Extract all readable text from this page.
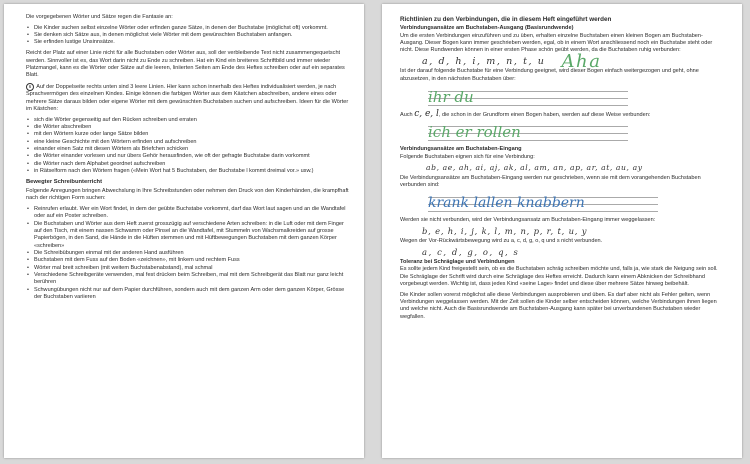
Die vorgegebenen Wörter und Sätze regen die Fantasie an:

• Die Kinder suchen selbst einzelne Wörter oder erfinden ganze Sätze, in denen der Buchstabe (möglichst oft) vorkommt.
• Sie denken sich Sätze aus, in denen möglichst viele Wörter mit dem gewünschten Buchstaben anfangen.
• Sie erfinden lustige Unsinnsätze.

Reicht der Platz auf einer Linie nicht für alle Buchstaben oder Wörter aus, soll der verbleibende Text nicht zusammengequetscht werden. Sinnvoller ist es, das Wort darin nicht zu Ende zu schreiben. Hat ein Kind ein breiteres Schriftbild und immer wieder Platzmangel, kann es die Wörter oder Sätze auf die leeren, liniierten Seiten am Ende des Heftes schreiben oder auf ein separates Blatt.

6 Auf der Doppelseite rechts unten sind 3 leere Linien. Hier kann schon innerhalb des Heftes individualisiert werden, je nach Sprachvermögen des einzelnen Kindes. Einige können die farbigen Wörter aus dem Kästchen abschreiben, andere eines oder mehrere Sätze daraus bilden oder eigene Wörter mit dem gewünschten Buchstaben suchen und aufschreiben. Ideen für die Wörter im Kästchen:

• sich die Wörter gegenseitig auf den Rücken schreiben und erraten
• die Wörter abschreiben
• mit den Wörtern kurze oder lange Sätze bilden
• eine kleine Geschichte mit den Wörtern erfinden und aufschreiben
• einander einen Satz mit diesen Wörtern als Briefchen schicken
• die Wörter einander vorlesen und nur übers Gehör herausfinden, wie oft der gefragte Buchstabe darin vorkommt
• die Wörter nach dem Alphabet geordnet aufschreiben
• in Rätselform nach den Wörtern fragen («Mein Wort hat 5 Buchstaben, der Buchstabe l kommt dreimal vor.» usw.)
Bewegter Schreibunterricht

Folgende Anregungen bringen Abwechslung in Ihre Schreibstunden oder nehmen den Druck von den Kinderhänden, die krampfhaft nach der richtigen Form suchen:

• Reinrufen erlaubt. Wer ein Wort findet, in dem der geübte Buchstabe vorkommt, darf das Wort laut sagen und an die Wandtafel oder auf ein Poster schreiben.
• Die Buchstaben und Wörter aus dem Heft zuerst grosszügig auf verschiedene Arten schreiben: in die Luft oder mit dem Finger auf den Tisch, mit einem nassen Schwamm oder Pinsel an die Wandtafel, mit Stummeln von Wachsmalkreiden auf grosse Papierbögen, in den Sand, die Hände in die Hüften stemmen und mit Hüftbewegungen Buchstaben mit dem ganzen Körper «schreiben»
• Die Schreibübungen einmal mit der anderen Hand ausführen
• Buchstaben mit dem Fuss auf den Boden «zeichnen», mit linkem und rechtem Fuss
• Wörter mal breit schreiben (mit weitem Buchstabenabstand), mal schmal
• Verschiedene Schreibgeräte verwenden, mal fest drücken beim Schreiben, mal mit dem Schreibgerät das Blatt nur ganz leicht berühren
• Schwungübungen nicht nur auf dem Papier durchführen, sondern auch mit dem ganzen Arm oder dem ganzen Körper, Grösse der Buchstaben variieren
Richtlinien zu den Verbindungen, die in diesem Heft eingeführt werden
Verbindungsansätze am Buchstaben-Ausgang (Basisrundwende)

Um die ersten Verbindungen einzuführen und zu üben, erhalten einzelne Buchstaben einen kleinen Bogen am Buchstaben-Ausgang. Dieser Bogen kann immer geschrieben werden, egal, ob in einem Wort anschliessend noch ein Buchstabe steht oder nicht. Diese Rundwenden können in einer ersten Phase schön geübt werden, da die Buchstaben ruhig verbunden:

a, d, h, i, m, n, t, u Aha

Ist der darauf folgende Buchstabe für eine Verbindung geeignet, wird dieser Bogen einfach weitergezogen und geht, ohne abzusetzen, in den nächsten Buchstaben über:

ihr du

Auch c, e, l, die schon in der Grundform einen Bogen haben, werden auf diese Weise verbunden:

ich er rollen
Verbindungsansätze am Buchstaben-Eingang

Folgende Buchstaben eignen sich für eine Verbindung:

ab, ae, ah, ai, aj, ak, al, am, an, ap, ar, at, au, ay

Die Verbindungsansätze am Buchstaben-Eingang werden nur geschrieben, wenn sie mit dem vorangehenden Buchstaben verbunden sind:

krank lallen knabbern

Werden sie nicht verbunden, wird der Verbindungsansatz am Buchstaben-Eingang immer weggelassen:

b, e, h, i, j, k, l, m, n, p, r, t, u, y

Wegen der Vor-Rückwärtsbewegung wird zu a, c, d, g, o, q und s nicht verbunden.

a, c, d, g, o, q, s
Toleranz bei Schräglage und Verbindungen

Es sollte jedem Kind freigestellt sein, ob es die Buchstaben schräg schreiben möchte und, falls ja, wie stark die Neigung sein soll. Die Schräglage der Schrift wird durch eine Schräglage des Heftes erreicht. Dadurch kann einem Abknicken der Schreibhand vorgebeugt werden. Wichtig ist, dass jedes Kind «seine Lage» findet und diese über mehrere Sätze hinweg beibehält.

Die Kinder sollen vorerst möglichst alle diese Verbindungen ausprobieren und üben. Es darf aber nicht als Fehler gelten, wenn Verbindungen weggelassen werden. Mit der Zeit sollen die Kinder selber entscheiden können, welche Verbindungen ihnen liegen und welche nicht. Auch die Basisrundwende am Buchstaben-Ausgang kann später bei unverbundenen Buchstaben wieder wegfallen.
